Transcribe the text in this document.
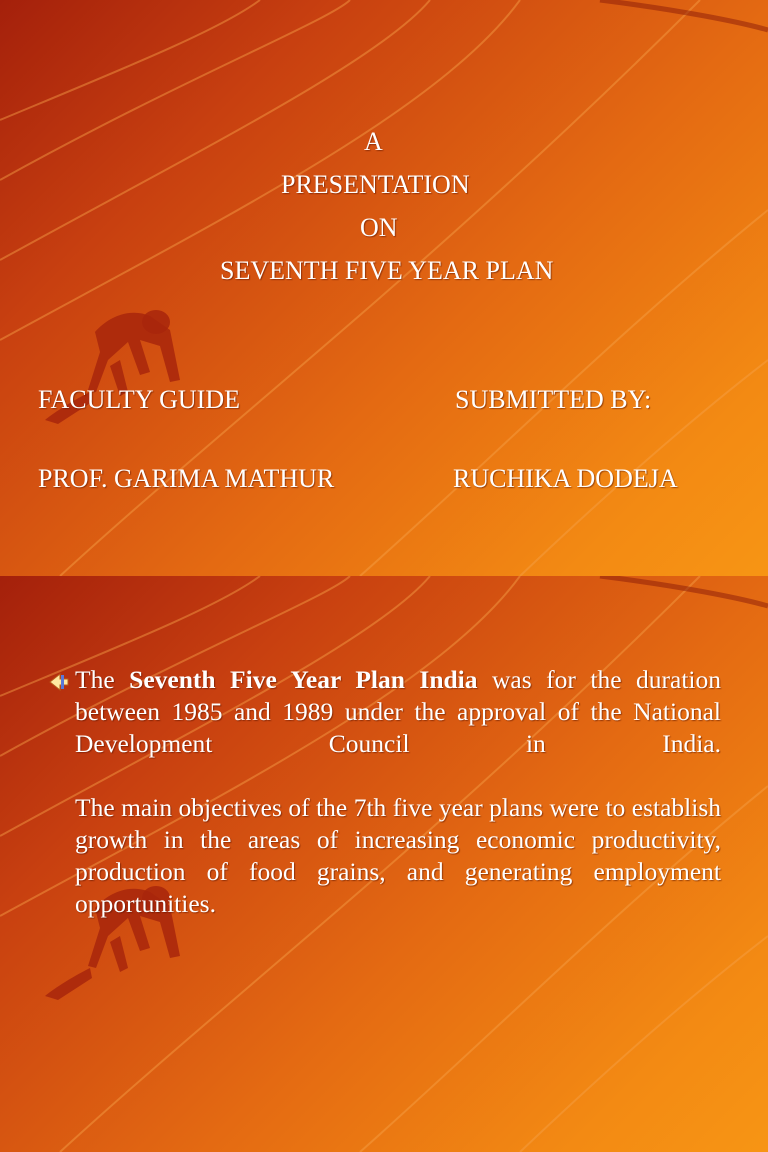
A

PRESENTATION

ON

SEVENTH FIVE YEAR PLAN

FACULTY GUIDE	SUBMITTED BY:

PROF. GARIMA MATHUR	RUCHIKA DODEJA

The Seventh Five Year Plan India was for the duration between 1985 and 1989 under the approval of the National Development Council in India.

The main objectives of the 7th five year plans were to establish growth in the areas of increasing economic productivity, production of food grains, and generating employment opportunities.
